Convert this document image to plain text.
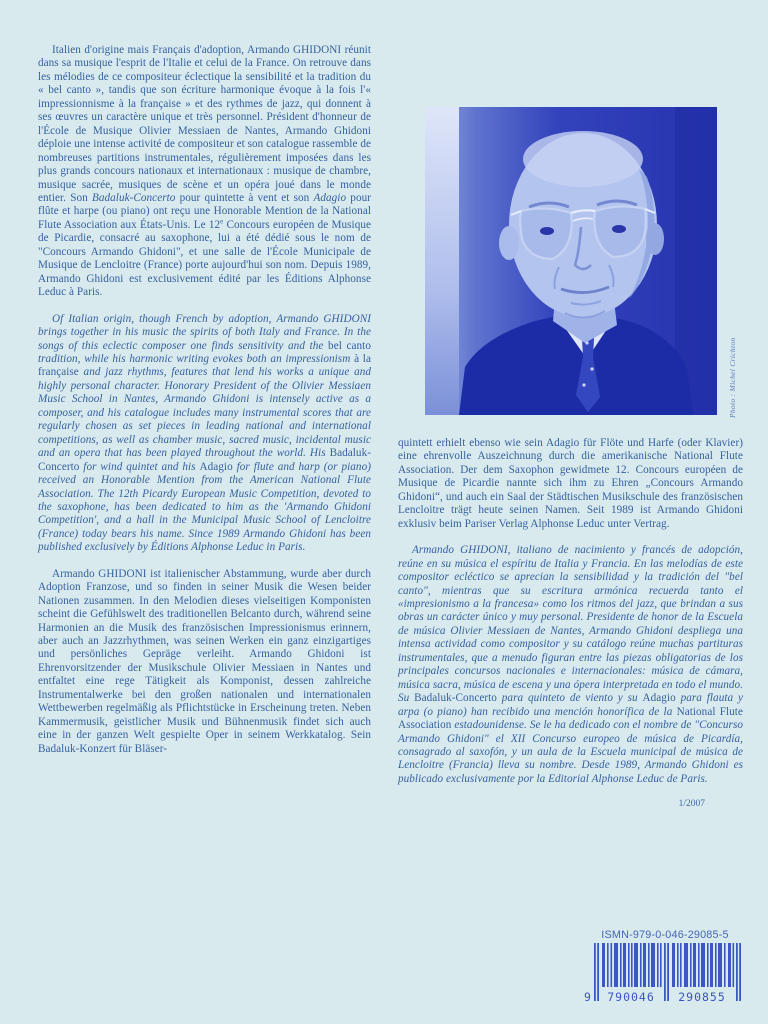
Italien d'origine mais Français d'adoption, Armando GHIDONI réunit dans sa musique l'esprit de l'Italie et celui de la France. On retrouve dans les mélodies de ce compositeur éclectique la sensibilité et la tradition du « bel canto », tandis que son écriture harmonique évoque à la fois l'« impressionnisme à la française » et des rythmes de jazz, qui donnent à ses œuvres un caractère unique et très personnel. Président d'honneur de l'École de Musique Olivier Messiaen de Nantes, Armando Ghidoni déploie une intense activité de compositeur et son catalogue rassemble de nombreuses partitions instrumentales, régulièrement imposées dans les plus grands concours nationaux et internationaux : musique de chambre, musique sacrée, musiques de scène et un opéra joué dans le monde entier. Son Badaluk-Concerto pour quintette à vent et son Adagio pour flûte et harpe (ou piano) ont reçu une Honorable Mention de la National Flute Association aux États-Unis. Le 12e Concours européen de Musique de Picardie, consacré au saxophone, lui a été dédié sous le nom de "Concours Armando Ghidoni", et une salle de l'École Municipale de Musique de Lencloitre (France) porte aujourd'hui son nom. Depuis 1989, Armando Ghidoni est exclusivement édité par les Éditions Alphonse Leduc à Paris.

Of Italian origin, though French by adoption, Armando GHIDONI brings together in his music the spirits of both Italy and France. In the songs of this eclectic composer one finds sensitivity and the bel canto tradition, while his harmonic writing evokes both an impressionism à la française and jazz rhythms, features that lend his works a unique and highly personal character. Honorary President of the Olivier Messiaen Music School in Nantes, Armando Ghidoni is intensely active as a composer, and his catalogue includes many instrumental scores that are regularly chosen as set pieces in leading national and international competitions, as well as chamber music, sacred music, incidental music and an opera that has been played throughout the world. His Badaluk-Concerto for wind quintet and his Adagio for flute and harp (or piano) received an Honorable Mention from the American National Flute Association. The 12th Picardy European Music Competition, devoted to the saxophone, has been dedicated to him as the 'Armando Ghidoni Competition', and a hall in the Municipal Music School of Lencloitre (France) today bears his name. Since 1989 Armando Ghidoni has been published exclusively by Éditions Alphonse Leduc in Paris.

Armando GHIDONI ist italienischer Abstammung, wurde aber durch Adoption Franzose, und so finden in seiner Musik die Wesen beider Nationen zusammen. In den Melodien dieses vielseitigen Komponisten scheint die Gefühlswelt des traditionellen Belcanto durch, während seine Harmonien an die Musik des französischen Impressionismus erinnern, aber auch an Jazzrhythmen, was seinen Werken ein ganz einzigartiges und persönliches Gepräge verleiht. Armando Ghidoni ist Ehrenvorsitzender der Musikschule Olivier Messiaen in Nantes und entfaltet eine rege Tätigkeit als Komponist, dessen zahlreiche Instrumentalwerke bei den großen nationalen und internationalen Wettbewerben regelmäßig als Pflichtstücke in Erscheinung treten. Neben Kammermusik, geistlicher Musik und Bühnenmusik findet sich auch eine in der ganzen Welt gespielte Oper in seinem Werkkatalog. Sein Badaluk-Konzert für Bläser-

Photo : Michel Crichton

quintett erhielt ebenso wie sein Adagio für Flöte und Harfe (oder Klavier) eine ehrenvolle Auszeichnung durch die amerikanische National Flute Association. Der dem Saxophon gewidmete 12. Concours européen de Musique de Picardie nannte sich ihm zu Ehren „Concours Armando Ghidoni“, und auch ein Saal der Städtischen Musikschule des französischen Lencloitre trägt heute seinen Namen. Seit 1989 ist Armando Ghidoni exklusiv beim Pariser Verlag Alphonse Leduc unter Vertrag.

Armando GHIDONI, italiano de nacimiento y francés de adopción, reúne en su música el espíritu de Italia y Francia. En las melodías de este compositor ecléctico se aprecian la sensibilidad y la tradición del "bel canto", mientras que su escritura armónica recuerda tanto el «impresionismo a la francesa» como los ritmos del jazz, que brindan a sus obras un carácter único y muy personal. Presidente de honor de la Escuela de música Olivier Messiaen de Nantes, Armando Ghidoni despliega una intensa actividad como compositor y su catálogo reúne muchas partituras instrumentales, que a menudo figuran entre las piezas obligatorias de los principales concursos nacionales e internacionales: música de cámara, música sacra, música de escena y una ópera interpretada en todo el mundo. Su Badaluk-Concerto para quinteto de viento y su Adagio para flauta y arpa (o piano) han recibido una mención honorífica de la National Flute Association estadounidense. Se le ha dedicado con el nombre de "Concurso Armando Ghidoni" el XII Concurso europeo de música de Picardía, consagrado al saxofón, y un aula de la Escuela municipal de música de Lencloitre (Francia) lleva su nombre. Desde 1989, Armando Ghidoni es publicado exclusivamente por la Editorial Alphonse Leduc de Paris.

1/2007
ISMN-979-0-046-29085-5
9	790046	290855
